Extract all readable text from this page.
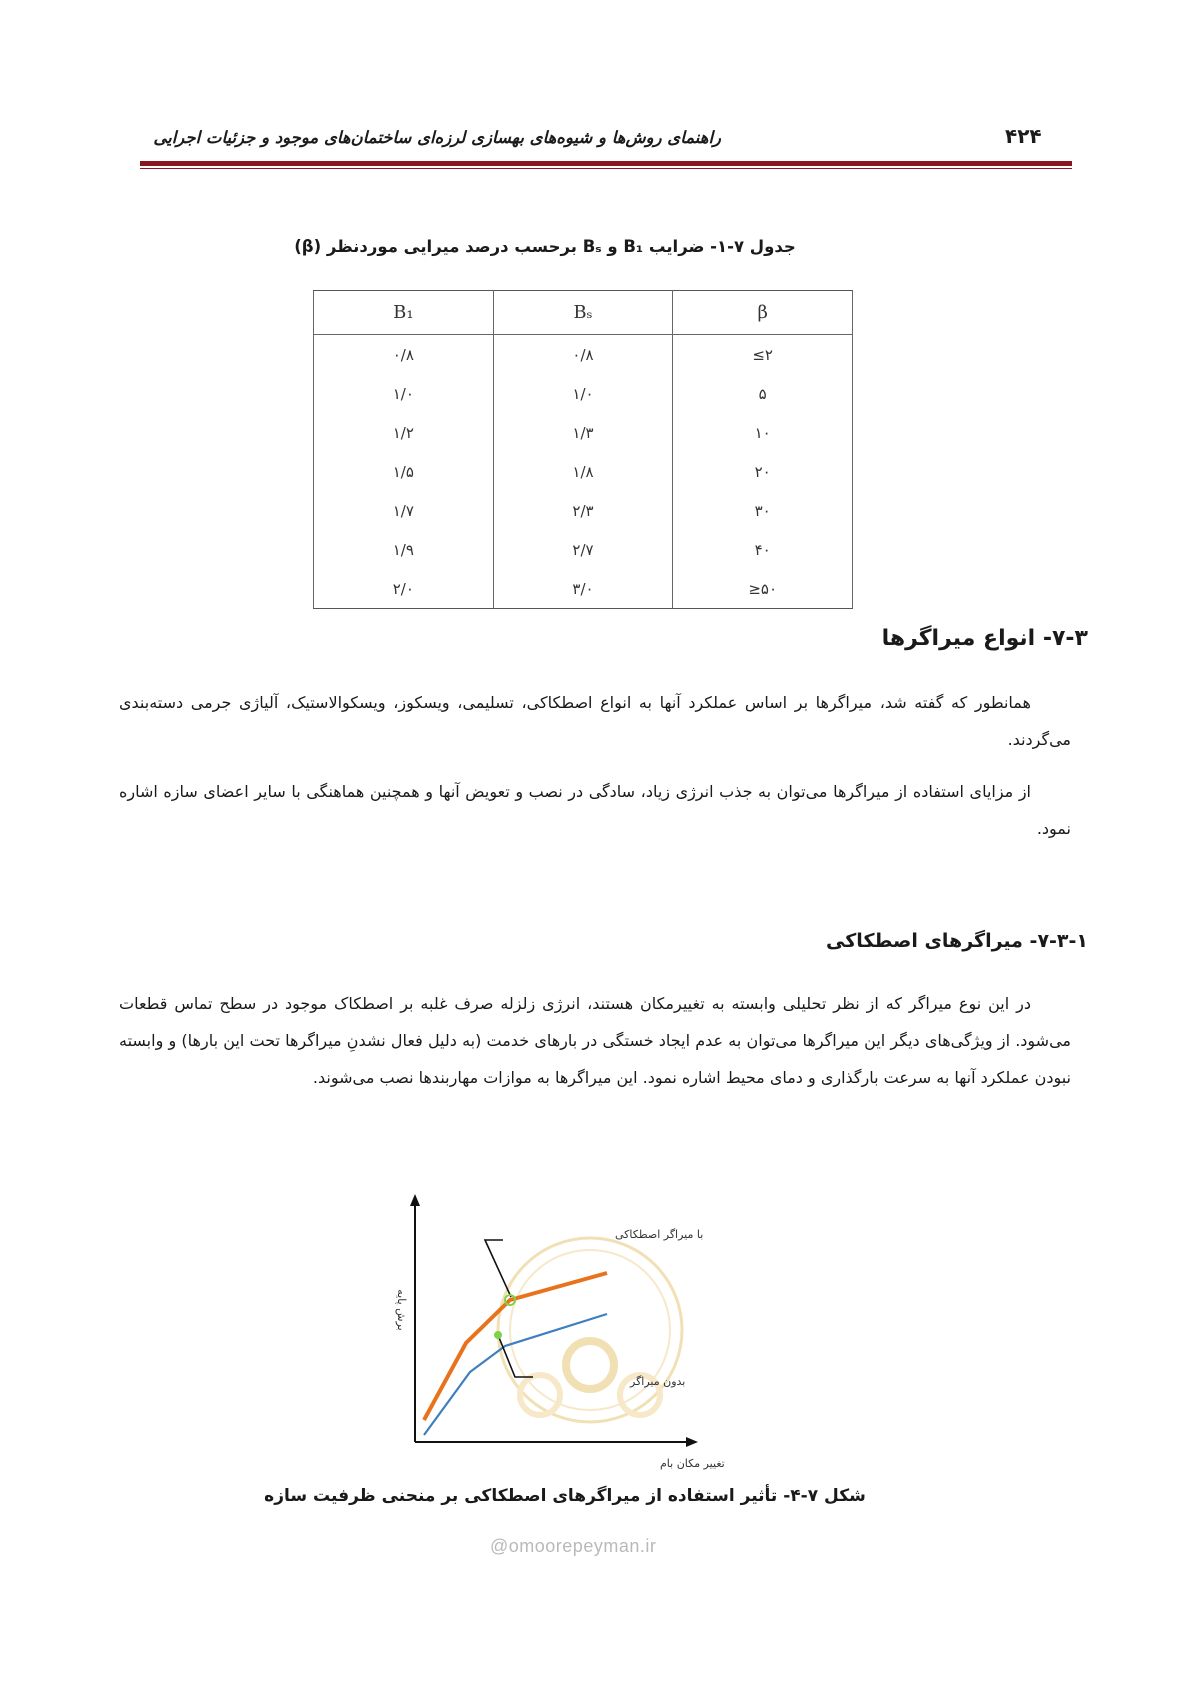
راهنمای روش‌ها و شیوه‌های بهسازی لرزه‌ای ساختمان‌های موجود و جزئیات اجرایی	۴۲۴
جدول ۷-۱- ضرایب B₁ و Bₛ برحسب درصد میرایی موردنظر (β)
B₁	Bₛ	β
۰/۸	۰/۸	≤۲
۱/۰	۱/۰	۵
۱/۲	۱/۳	۱۰
۱/۵	۱/۸	۲۰
۱/۷	۲/۳	۳۰
۱/۹	۲/۷	۴۰
۲/۰	۳/۰	≥۵۰
۷-۳- انواع میراگرها

همانطور که گفته شد، میراگرها بر اساس عملکرد آنها به انواع اصطکاکی، تسلیمی، ویسکوز، ویسکوالاستیک، آلیاژی جرمی دسته‌بندی می‌گردند.

از مزایای استفاده از میراگرها می‌توان به جذب انرژی زیاد، سادگی در نصب و تعویض آنها و همچنین هماهنگی با سایر اعضای سازه اشاره نمود.

۷-۳-۱- میراگرهای اصطکاکی

در این نوع میراگر که از نظر تحلیلی وابسته به تغییرمکان هستند، انرژی زلزله صرف غلبه بر اصطکاک موجود در سطح تماس قطعات می‌شود. از ویژگی‌های دیگر این میراگرها می‌توان به عدم ایجاد خستگی در بارهای خدمت (به دلیل فعال نشدنِ میراگرها تحت این بارها) و وابسته نبودن عملکرد آنها به سرعت بارگذاری و دمای محیط اشاره نمود. این میراگرها به موازات مهاربندها نصب می‌شوند.

با میراگر اصطکاکی
بدون میراگر
برش پایه
تغییر مکان بام
شکل ۷-۴- تأثیر استفاده از میراگرهای اصطکاکی بر منحنی ظرفیت سازه
@omoorepeyman.ir
